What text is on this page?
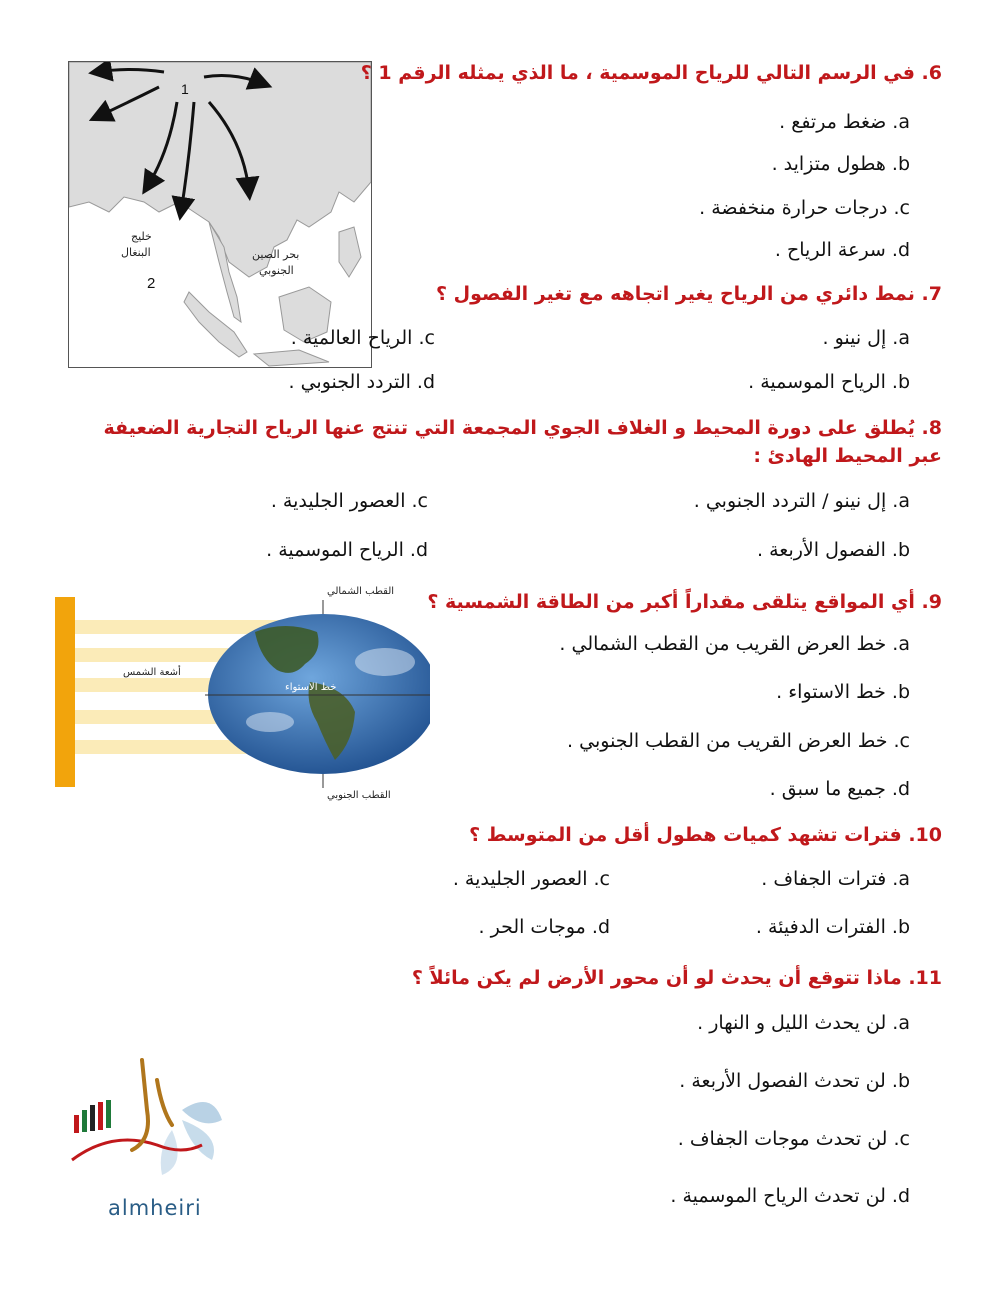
1
2
خليج
البنغال	بحر الصين
الجنوبي
6. في الرسم التالي للرياح الموسمية ، ما الذي يمثله الرقم 1 ؟
a. ضغط مرتفع .
b. هطول متزايد .
c. درجات حرارة منخفضة .
d. سرعة الرياح .
7. نمط دائري من الرياح يغير اتجاهه مع تغير الفصول ؟
a. إل نينو .
c. الرياح العالمية .
b. الرياح الموسمية .
d. التردد الجنوبي .
8. يُطلق على دورة المحيط و الغلاف الجوي المجمعة التي تنتج عنها الرياح التجارية الضعيفة عبر المحيط الهادئ :
a. إل نينو / التردد الجنوبي .
c. العصور الجليدية .
b. الفصول الأربعة .
d. الرياح الموسمية .
القطب الشمالي
القطب الجنوبي
أشعة الشمس
خط الاستواء
9. أي المواقع يتلقى مقداراً أكبر من الطاقة الشمسية ؟
a. خط العرض القريب من القطب الشمالي .
b. خط الاستواء .
c. خط العرض القريب من القطب الجنوبي .
d. جميع ما سبق .
10. فترات تشهد كميات هطول أقل من المتوسط ؟
a. فترات الجفاف .
c. العصور الجليدية .
b. الفترات الدفيئة .
d. موجات الحر .
11. ماذا تتوقع أن يحدث لو أن محور الأرض لم يكن مائلاً ؟
a. لن يحدث الليل و النهار .
b. لن تحدث الفصول الأربعة .
c. لن تحدث موجات الجفاف .
d. لن تحدث الرياح الموسمية .
almheiri
